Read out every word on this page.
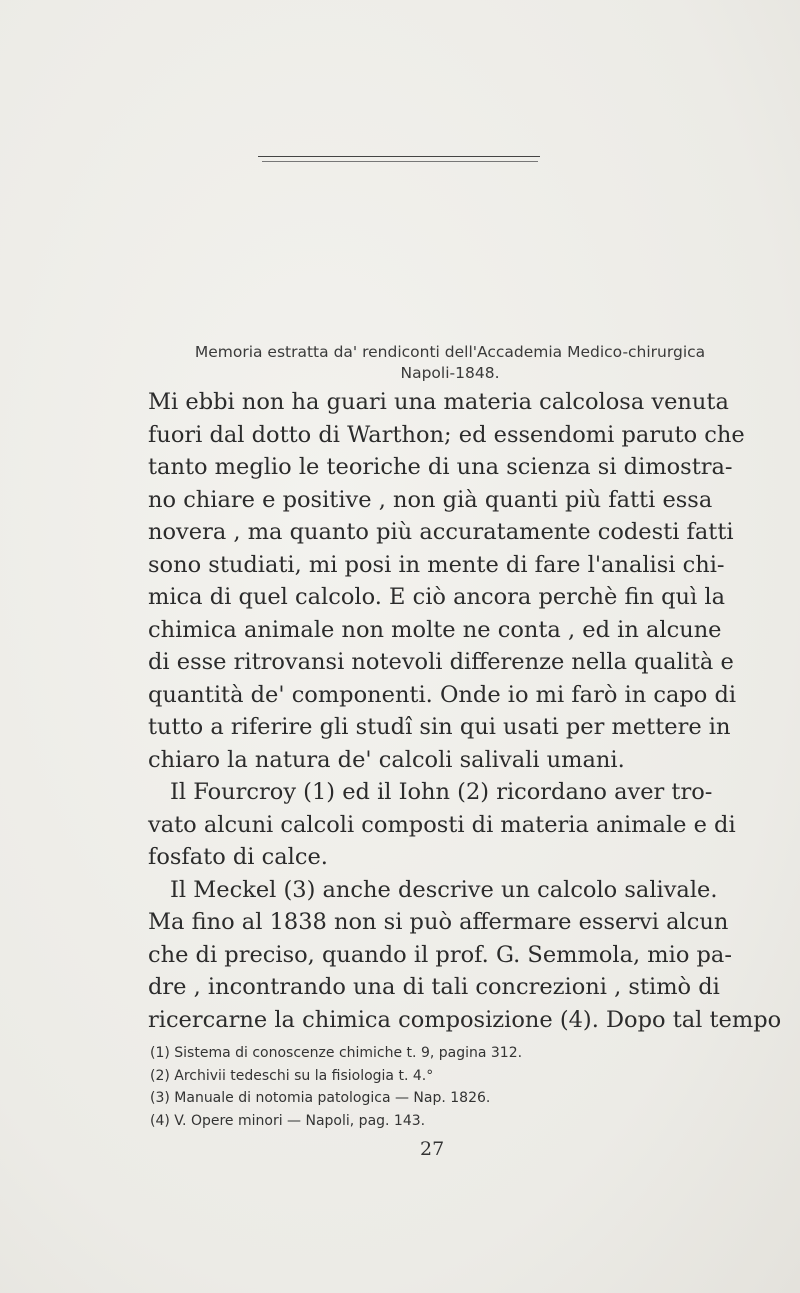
Memoria estratta da' rendiconti dell'Accademia Medico-chirurgica
Napoli-1848.
Mi ebbi non ha guari una materia calcolosa venuta
fuori dal dotto di Warthon; ed essendomi paruto che
tanto meglio le teoriche di una scienza si dimostra-
no chiare e positive , non già quanti più fatti essa
novera , ma quanto più accuratamente codesti fatti
sono studiati, mi posi in mente di fare l'analisi chi-
mica di quel calcolo. E ciò ancora perchè fin quì la
chimica animale non molte ne conta , ed in alcune
di esse ritrovansi notevoli differenze nella qualità e
quantità de' componenti. Onde io mi farò in capo di
tutto a riferire gli studî sin qui usati per mettere in
chiaro la natura de' calcoli salivali umani.
Il Fourcroy (1) ed il Iohn (2) ricordano aver tro-
vato alcuni calcoli composti di materia animale e di
fosfato di calce.
Il Meckel (3) anche descrive un calcolo salivale.
Ma fino al 1838 non si può affermare esservi alcun
che di preciso, quando il prof. G. Semmola, mio pa-
dre , incontrando una di tali concrezioni , stimò di
ricercarne la chimica composizione (4). Dopo tal tempo
(1) Sistema di conoscenze chimiche t. 9, pagina 312.
(2) Archivii tedeschi su la fisiologia t. 4.°
(3) Manuale di notomia patologica — Nap. 1826.
(4) V. Opere minori — Napoli, pag. 143.
27
